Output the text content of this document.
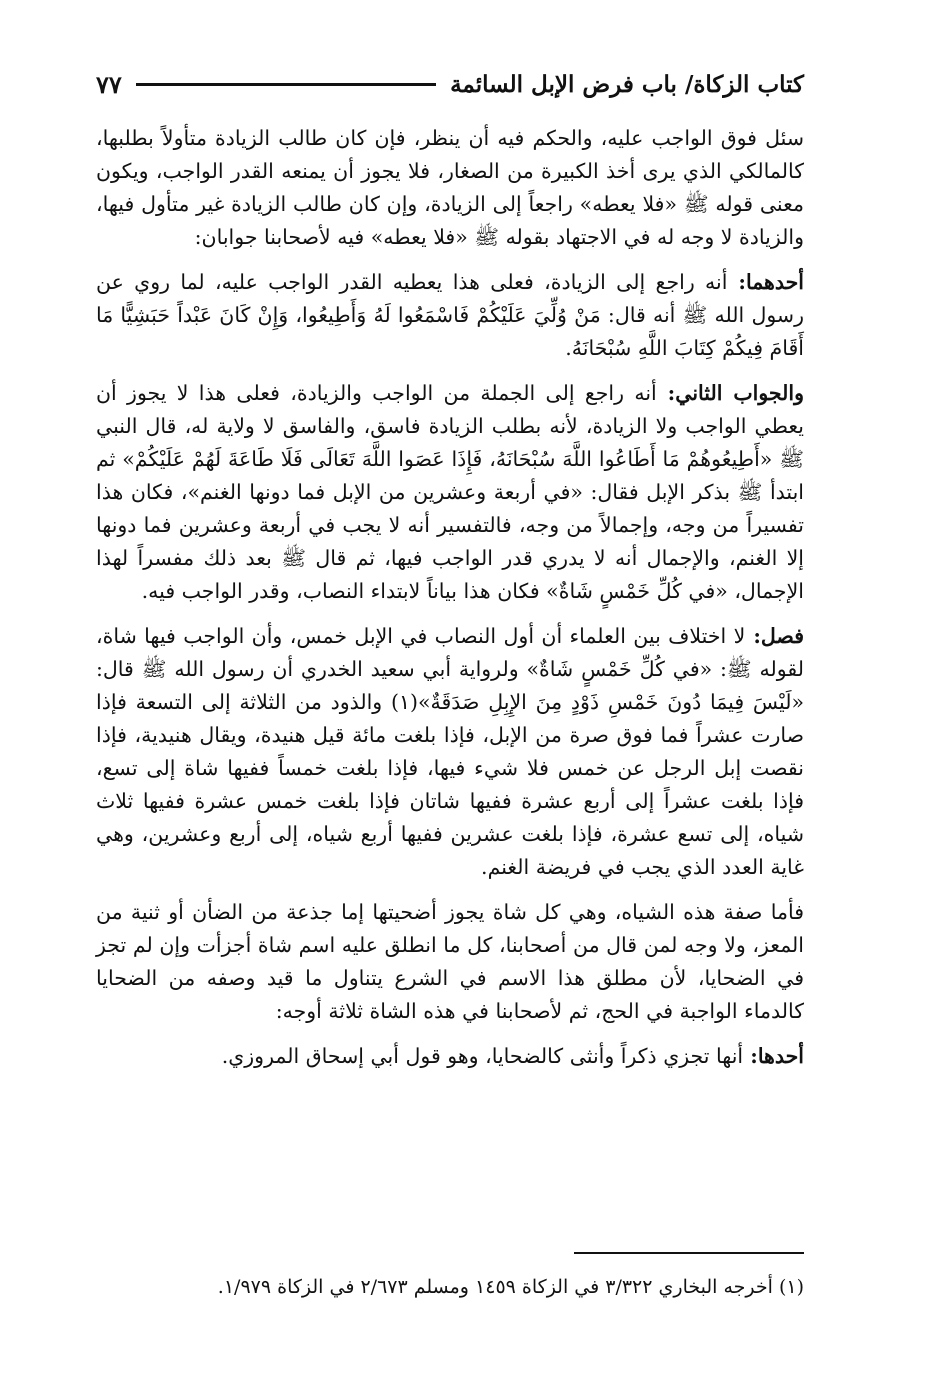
كتاب الزكاة/ باب فرض الإبل السائمة
٧٧

سئل فوق الواجب عليه، والحكم فيه أن ينظر، فإن كان طالب الزيادة متأولاً بطلبها، كالمالكي الذي يرى أخذ الكبيرة من الصغار، فلا يجوز أن يمنعه القدر الواجب، ويكون معنى قوله ﷺ «فلا يعطه» راجعاً إلى الزيادة، وإن كان طالب الزيادة غير متأول فيها، والزيادة لا وجه له في الاجتهاد بقوله ﷺ «فلا يعطه» فيه لأصحابنا جوابان:

أحدهما: أنه راجع إلى الزيادة، فعلى هذا يعطيه القدر الواجب عليه، لما روي عن رسول الله ﷺ أنه قال: مَنْ وُلِّيَ عَلَيْكُمْ فَاسْمَعُوا لَهُ وَأَطِيعُوا، وَإِنْ كَانَ عَبْداً حَبَشِيًّا مَا أَقَامَ فِيكُمْ كِتَابَ اللَّهِ سُبْحَانَهُ.

والجواب الثاني: أنه راجع إلى الجملة من الواجب والزيادة، فعلى هذا لا يجوز أن يعطي الواجب ولا الزيادة، لأنه بطلب الزيادة فاسق، والفاسق لا ولاية له، قال النبي ﷺ «أَطِيعُوهُمْ مَا أَطَاعُوا اللَّهَ سُبْحَانَهُ، فَإِذَا عَصَوا اللَّهَ تَعَالَى فَلَا طَاعَةَ لَهُمْ عَلَيْكُمْ» ثم ابتدأ ﷺ بذكر الإبل فقال: «في أربعة وعشرين من الإبل فما دونها الغنم»، فكان هذا تفسيراً من وجه، وإجمالاً من وجه، فالتفسير أنه لا يجب في أربعة وعشرين فما دونها إلا الغنم، والإجمال أنه لا يدري قدر الواجب فيها، ثم قال ﷺ بعد ذلك مفسراً لهذا الإجمال، «في كُلِّ خَمْسٍ شَاةٌ» فكان هذا بياناً لابتداء النصاب، وقدر الواجب فيه.

فصل: لا اختلاف بين العلماء أن أول النصاب في الإبل خمس، وأن الواجب فيها شاة، لقوله ﷺ: «في كُلِّ خَمْسٍ شَاةٌ» ولرواية أبي سعيد الخدري أن رسول الله ﷺ قال: «لَيْسَ فِيمَا دُونَ خَمْسِ ذَوْدٍ مِنَ الإِبِلِ صَدَقَةٌ»(١) والذود من الثلاثة إلى التسعة فإذا صارت عشراً فما فوق صرة من الإبل، فإذا بلغت مائة قيل هنيدة، ويقال هنيدية، فإذا نقصت إبل الرجل عن خمس فلا شيء فيها، فإذا بلغت خمساً ففيها شاة إلى تسع، فإذا بلغت عشراً إلى أربع عشرة ففيها شاتان فإذا بلغت خمس عشرة ففيها ثلاث شياه، إلى تسع عشرة، فإذا بلغت عشرين ففيها أربع شياه، إلى أربع وعشرين، وهي غاية العدد الذي يجب في فريضة الغنم.

فأما صفة هذه الشياه، وهي كل شاة يجوز أضحيتها إما جذعة من الضأن أو ثنية من المعز، ولا وجه لمن قال من أصحابنا، كل ما انطلق عليه اسم شاة أجزأت وإن لم تجز في الضحايا، لأن مطلق هذا الاسم في الشرع يتناول ما قيد وصفه من الضحايا كالدماء الواجبة في الحج، ثم لأصحابنا في هذه الشاة ثلاثة أوجه:

أحدها: أنها تجزي ذكراً وأنثى كالضحايا، وهو قول أبي إسحاق المروزي.

(١) أخرجه البخاري ٣/٣٢٢ في الزكاة ١٤٥٩ ومسلم ٢/٦٧٣ في الزكاة ١/٩٧٩.
